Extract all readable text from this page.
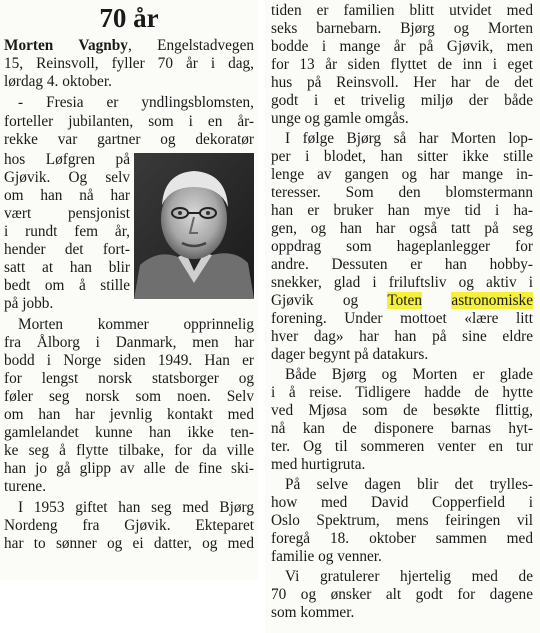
70 år
Morten Vagnby, Engelstadvegen
15, Reinsvoll, fyller 70 år i dag,
lørdag 4. oktober.
- Fresia er yndlingsblomsten,
forteller jubilanten, som i en år-
rekke var gartner og dekoratør
hos Løfgren på
Gjøvik. Og selv
om han nå har
vært pensjonist
i rundt fem år,
hender det fort-
satt at han blir
bedt om å stille
på jobb.
Morten kommer opprinnelig
fra Ålborg i Danmark, men har
bodd i Norge siden 1949. Han er
for lengst norsk statsborger og
føler seg norsk som noen. Selv
om han har jevnlig kontakt med
gamlelandet kunne han ikke ten-
ke seg å flytte tilbake, for da ville
han jo gå glipp av alle de fine ski-
turene.
I 1953 giftet han seg med Bjørg
Nordeng fra Gjøvik. Ekteparet
har to sønner og ei datter, og med
tiden er familien blitt utvidet med
seks barnebarn. Bjørg og Morten
bodde i mange år på Gjøvik, men
for 13 år siden flyttet de inn i eget
hus på Reinsvoll. Her har de det
godt i et trivelig miljø der både
unge og gamle omgås.
I følge Bjørg så har Morten lop-
per i blodet, han sitter ikke stille
lenge av gangen og har mange in-
teresser. Som den blomstermann
han er bruker han mye tid i ha-
gen, og han har også tatt på seg
oppdrag som hageplanlegger for
andre. Dessuten er han hobby-
snekker, glad i friluftsliv og aktiv i
Gjøvik og Toten astronomiske
forening. Under mottoet «lære litt
hver dag» har han på sine eldre
dager begynt på datakurs.
Både Bjørg og Morten er glade
i å reise. Tidligere hadde de hytte
ved Mjøsa som de besøkte flittig,
nå kan de disponere barnas hyt-
ter. Og til sommeren venter en tur
med hurtigruta.
På selve dagen blir det trylles-
how med David Copperfield i
Oslo Spektrum, mens feiringen vil
foregå 18. oktober sammen med
familie og venner.
Vi gratulerer hjertelig med de
70 og ønsker alt godt for dagene
som kommer.
